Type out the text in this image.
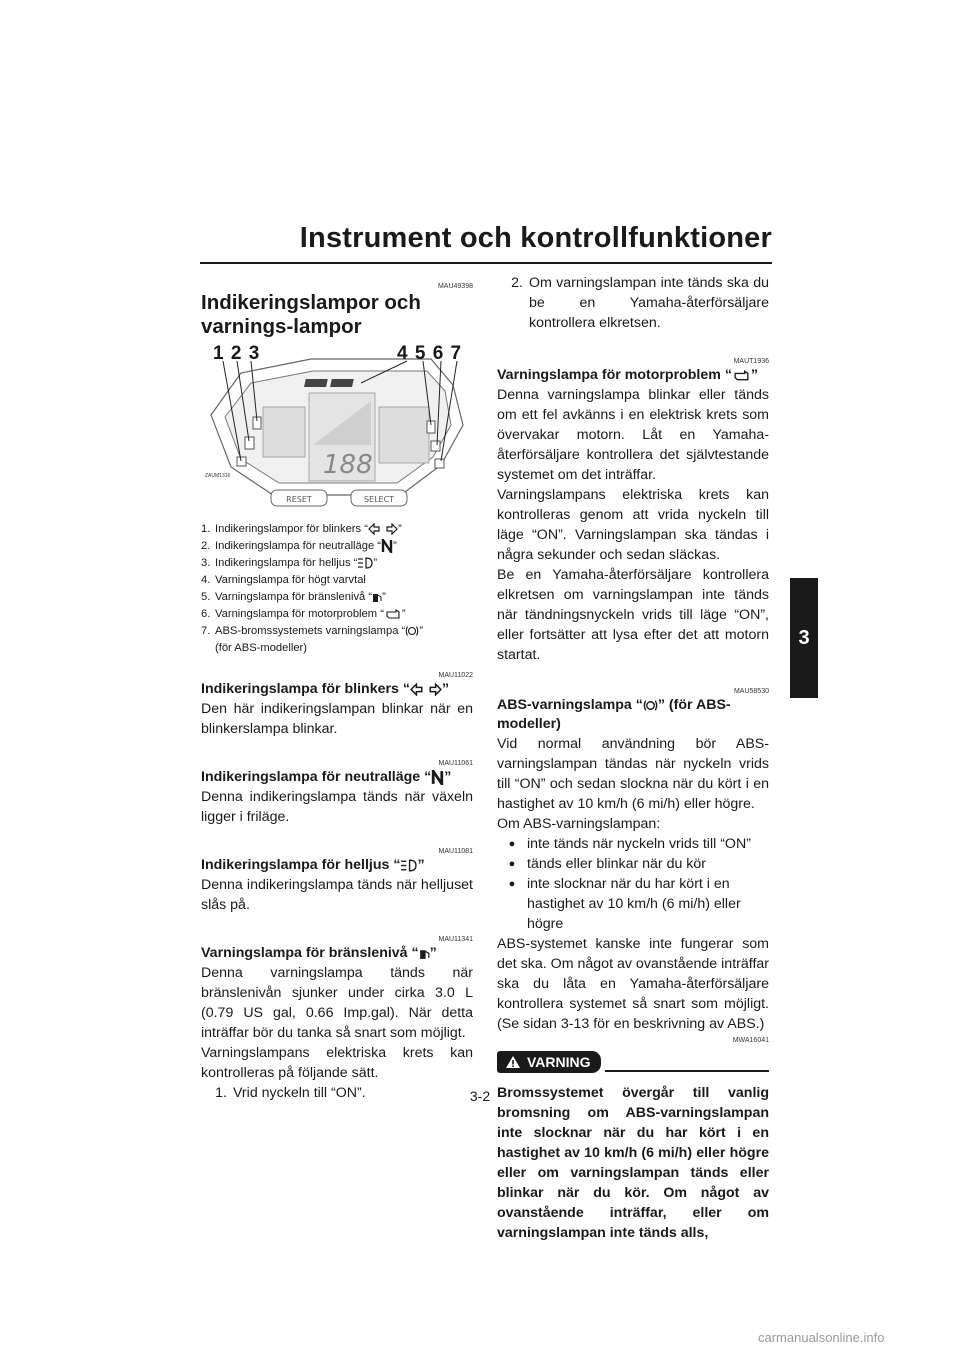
Instrument och kontrollfunktioner
3
MAU49398
Indikeringslampor och varnings-lampor
188
RESET	SELECT
1 2 3	4 5 6 7
ZAUM1316
1. Indikeringslampor för blinkers “	”
2. Indikeringslampa för neutralläge “ ”
3. Indikeringslampa för helljus “ ”
4. Varningslampa för högt varvtal
5. Varningslampa för bränslenivå “ ”
6. Varningslampa för motorproblem “ ”
7. ABS-bromssystemets varningslampa “ ”
(för ABS-modeller)
MAU11022
Indikeringslampa för blinkers “ ”

Den här indikeringslampan blinkar när en blinkerslampa blinkar.

MAU11061
Indikeringslampa för neutralläge “ ”

Denna indikeringslampa tänds när växeln ligger i friläge.

MAU11081
Indikeringslampa för helljus “ ”

Denna indikeringslampa tänds när helljuset slås på.

MAU11341
Varningslampa för bränslenivå “ ”

Denna varningslampa tänds när bränslenivån sjunker under cirka 3.0 L (0.79 US gal, 0.66 Imp.gal). När detta inträffar bör du tanka så snart som möjligt.

Varningslampans elektriska krets kan kontrolleras på följande sätt.

1. Vrid nyckeln till “ON”.
2. Om varningslampan inte tänds ska du be en Yamaha-återförsäljare kontrollera elkretsen.
MAUT1936
Varningslampa för motorproblem “ ”

Denna varningslampa blinkar eller tänds om ett fel avkänns i en elektrisk krets som övervakar motorn. Låt en Yamaha-återförsäljare kontrollera det självtestande systemet om det inträffar.

Varningslampans elektriska krets kan kontrolleras genom att vrida nyckeln till läge “ON”. Varningslampan ska tändas i några sekunder och sedan släckas.

Be en Yamaha-återförsäljare kontrollera elkretsen om varningslampan inte tänds när tändningsnyckeln vrids till läge “ON”, eller fortsätter att lysa efter det att motorn startat.

MAU58530
ABS-varningslampa “ ” (för ABS-modeller)

Vid normal användning bör ABS-varningslampan tändas när nyckeln vrids till “ON” och sedan slockna när du kört i en hastighet av 10 km/h (6 mi/h) eller högre.

Om ABS-varningslampan:

● inte tänds när nyckeln vrids till “ON”
● tänds eller blinkar när du kör
● inte slocknar när du har kört i en hastighet av 10 km/h (6 mi/h) eller högre

ABS-systemet kanske inte fungerar som det ska. Om något av ovanstående inträffar ska du låta en Yamaha-återförsäljare kontrollera systemet så snart som möjligt. (Se sidan 3-13 för en beskrivning av ABS.)

MWA16041
VARNING

Bromssystemet övergår till vanlig bromsning om ABS-varningslampan inte slocknar när du har kört i en hastighet av 10 km/h (6 mi/h) eller högre eller om varningslampan tänds eller blinkar när du kör. Om något av ovanstående inträffar, eller om varningslampan inte tänds alls,

3-2
carmanualsonline.info
